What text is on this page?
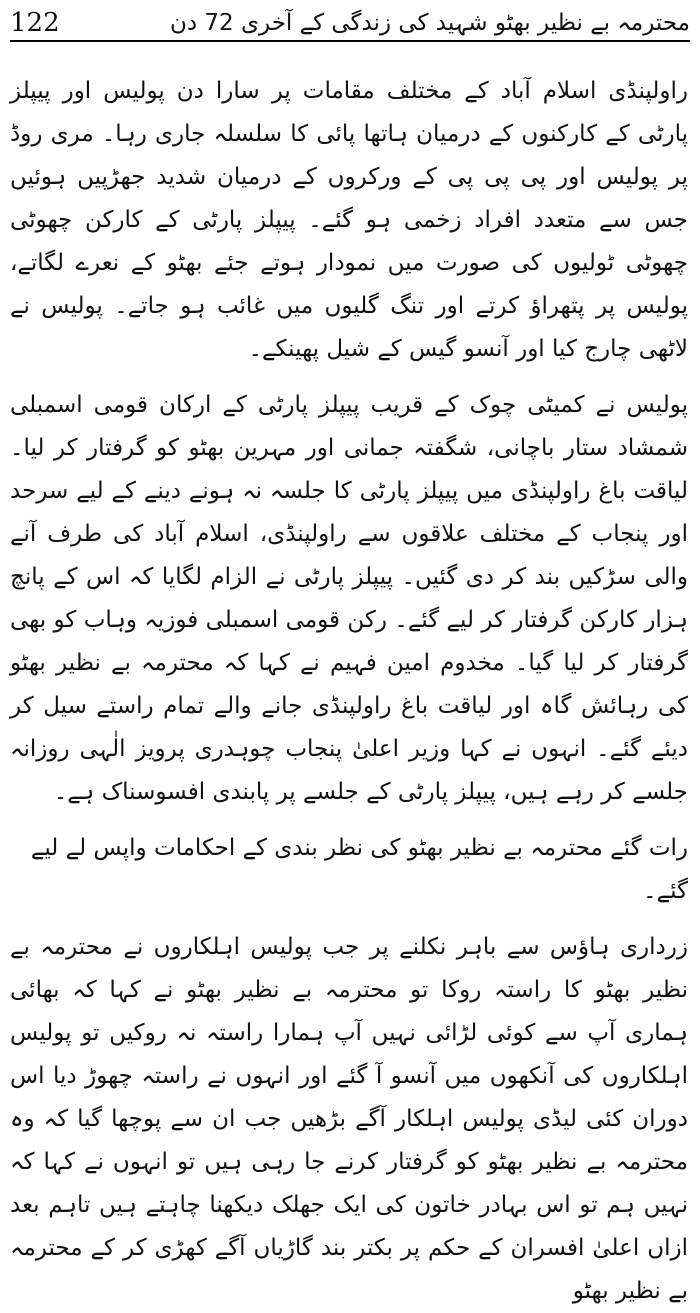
122	محترمہ بے نظیر بھٹو شہید کی زندگی کے آخری 72 دن

راولپنڈی اسلام آباد کے مختلف مقامات پر سارا دن پولیس اور پیپلز پارٹی کے کارکنوں کے درمیان ہاتھا پائی کا سلسلہ جاری رہا۔ مری روڈ پر پولیس اور پی پی پی کے ورکروں کے درمیان شدید جھڑپیں ہوئیں جس سے متعدد افراد زخمی ہو گئے۔ پیپلز پارٹی کے کارکن چھوٹی چھوٹی ٹولیوں کی صورت میں نمودار ہوتے جئے بھٹو کے نعرے لگاتے، پولیس پر پتھراؤ کرتے اور تنگ گلیوں میں غائب ہو جاتے۔ پولیس نے لاٹھی چارج کیا اور آنسو گیس کے شیل پھینکے۔

پولیس نے کمیٹی چوک کے قریب پیپلز پارٹی کے ارکان قومی اسمبلی شمشاد ستار باچانی، شگفتہ جمانی اور مہرین بھٹو کو گرفتار کر لیا۔ لیاقت باغ راولپنڈی میں پیپلز پارٹی کا جلسہ نہ ہونے دینے کے لیے سرحد اور پنجاب کے مختلف علاقوں سے راولپنڈی، اسلام آباد کی طرف آنے والی سڑکیں بند کر دی گئیں۔ پیپلز پارٹی نے الزام لگایا کہ اس کے پانچ ہزار کارکن گرفتار کر لیے گئے۔ رکن قومی اسمبلی فوزیہ وہاب کو بھی گرفتار کر لیا گیا۔ مخدوم امین فہیم نے کہا کہ محترمہ بے نظیر بھٹو کی رہائش گاہ اور لیاقت باغ راولپنڈی جانے والے تمام راستے سیل کر دیئے گئے۔ انہوں نے کہا وزیر اعلیٰ پنجاب چوہدری پرویز الٰہی روزانہ جلسے کر رہے ہیں، پیپلز پارٹی کے جلسے پر پابندی افسوسناک ہے۔

رات گئے محترمہ بے نظیر بھٹو کی نظر بندی کے احکامات واپس لے لیے گئے۔

زرداری ہاؤس سے باہر نکلنے پر جب پولیس اہلکاروں نے محترمہ بے نظیر بھٹو کا راستہ روکا تو محترمہ بے نظیر بھٹو نے کہا کہ بھائی ہماری آپ سے کوئی لڑائی نہیں آپ ہمارا راستہ نہ روکیں تو پولیس اہلکاروں کی آنکھوں میں آنسو آ گئے اور انہوں نے راستہ چھوڑ دیا اس دوران کئی لیڈی پولیس اہلکار آگے بڑھیں جب ان سے پوچھا گیا کہ وہ محترمہ بے نظیر بھٹو کو گرفتار کرنے جا رہی ہیں تو انہوں نے کہا کہ نہیں ہم تو اس بہادر خاتون کی ایک جھلک دیکھنا چاہتے ہیں تاہم بعد ازاں اعلیٰ افسران کے حکم پر بکتر بند گاڑیاں آگے کھڑی کر کے محترمہ بے نظیر بھٹو
